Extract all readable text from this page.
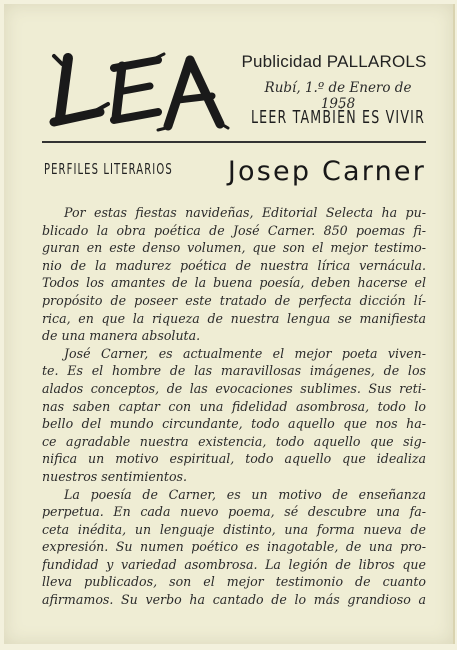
Publicidad PALLAROLS
Rubí, 1.º de Enero de 1958
LEER TAMBIÉN ES VIVIR
PERFILES LITERARIOS	Josep Carner

Por estas fiestas navideñas, Editorial Selecta ha pu-
blicado la obra poética de José Carner. 850 poemas fi-
guran en este denso volumen, que son el mejor testimo-
nio de la madurez poética de nuestra lírica vernácula.
Todos los amantes de la buena poesía, deben hacerse el
propósito de poseer este tratado de perfecta dicción lí-
rica, en que la riqueza de nuestra lengua se manifiesta
de una manera absoluta.

José Carner, es actualmente el mejor poeta viven-
te. Es el hombre de las maravillosas imágenes, de los
alados conceptos, de las evocaciones sublimes. Sus reti-
nas saben captar con una fidelidad asombrosa, todo lo
bello del mundo circundante, todo aquello que nos ha-
ce agradable nuestra existencia, todo aquello que sig-
nifica un motivo espiritual, todo aquello que idealiza
nuestros sentimientos.

La poesía de Carner, es un motivo de enseñanza
perpetua. En cada nuevo poema, sé descubre una fa-
ceta inédita, un lenguaje distinto, una forma nueva de
expresión. Su numen poético es inagotable, de una pro-
fundidad y variedad asombrosa. La legión de libros que
lleva publicados, son el mejor testimonio de cuanto
afirmamos. Su verbo ha cantado de lo más grandioso a
